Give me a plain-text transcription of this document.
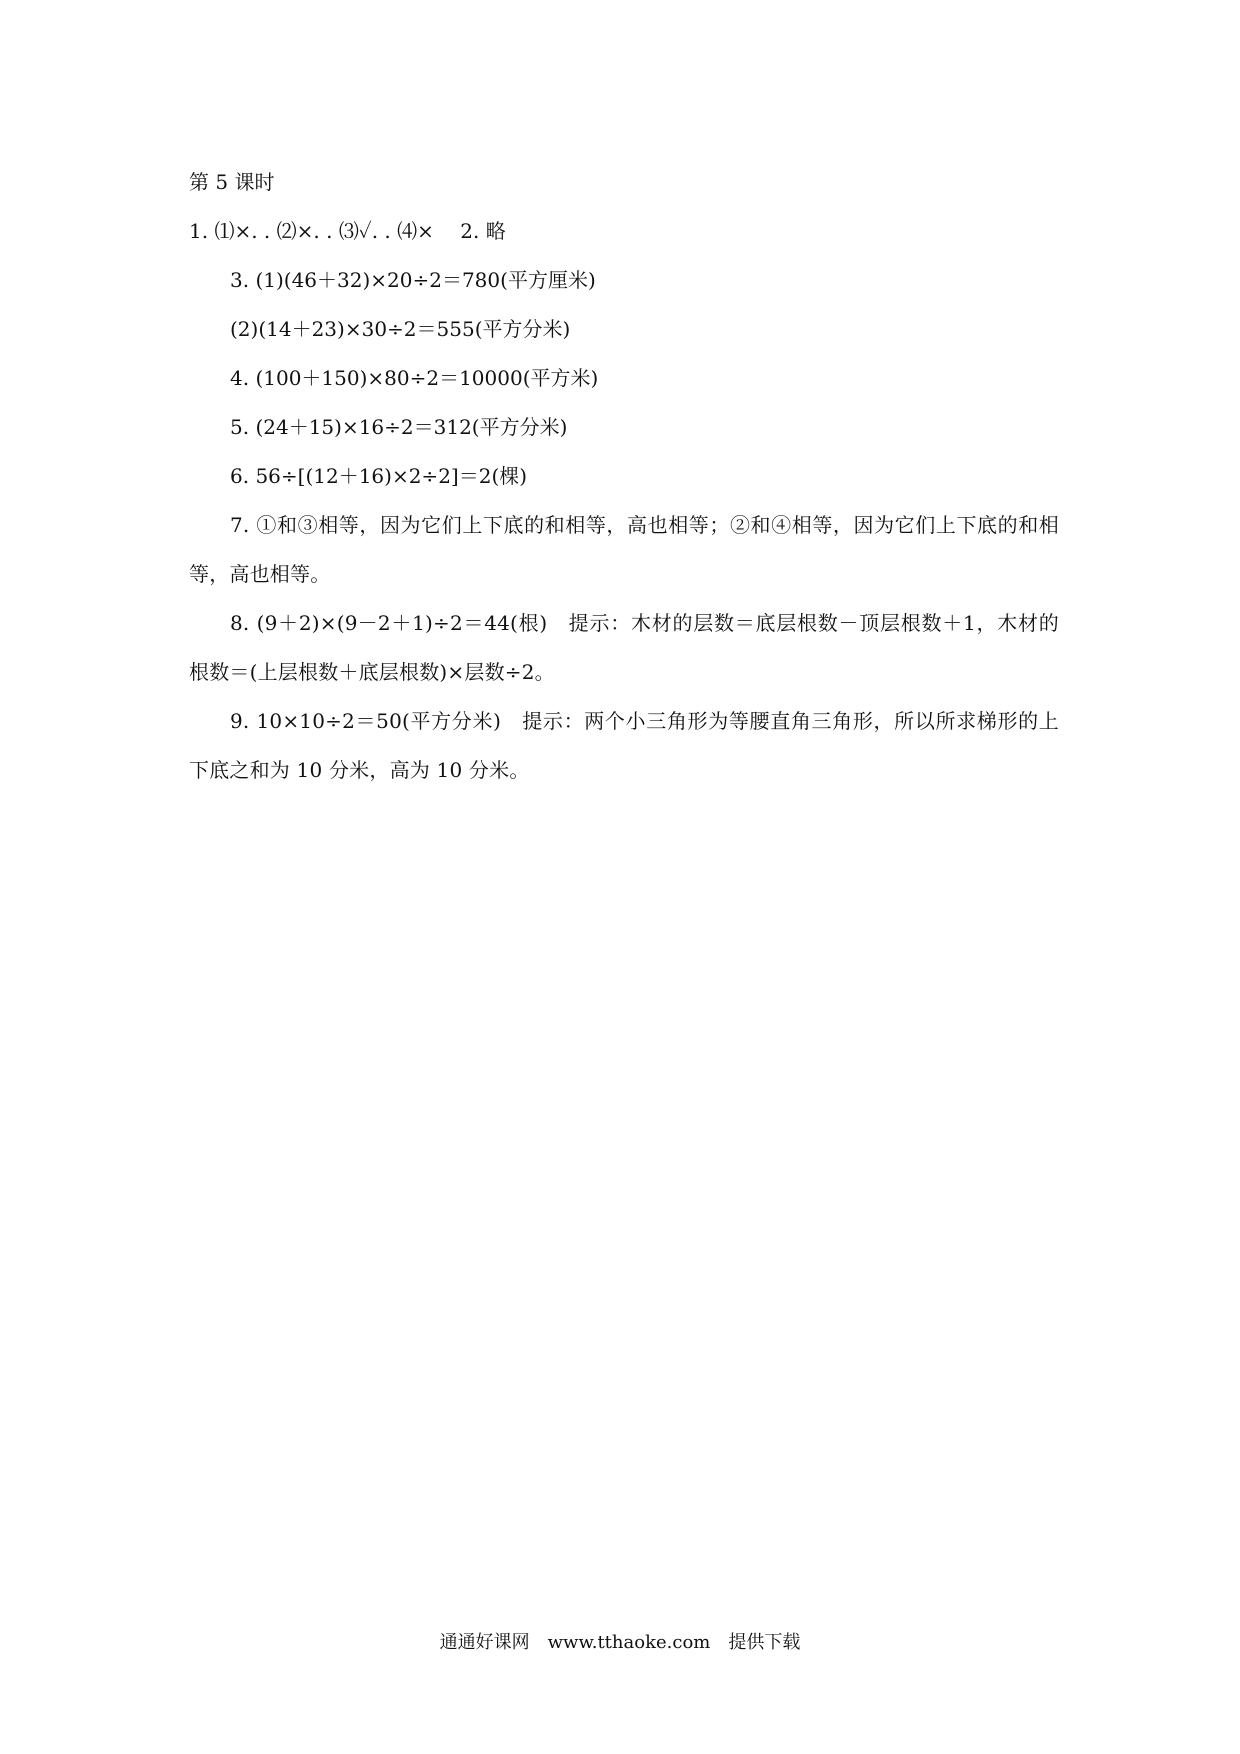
第 5 课时
1. ⑴×. . ⑵×. . ⑶✓. . ⑷×　 2. 略
3. (1)(46＋32)×20÷2＝780(平方厘米)
(2)(14＋23)×30÷2＝555(平方分米)
4. (100＋150)×80÷2＝10000(平方米)
5. (24＋15)×16÷2＝312(平方分米)
6. 56÷[(12＋16)×2÷2]＝2(棵)
7. ①和③相等，因为它们上下底的和相等，高也相等；②和④相等，因为它们上下底的和相等，高也相等。
8. (9＋2)×(9－2＋1)÷2＝44(根)　提示：木材的层数＝底层根数－顶层根数＋1，木材的根数＝(上层根数＋底层根数)×层数÷2。
9. 10×10÷2＝50(平方分米)　提示：两个小三角形为等腰直角三角形，所以所求梯形的上下底之和为 10 分米，高为 10 分米。
通通好课网　www.tthaoke.com　提供下载
